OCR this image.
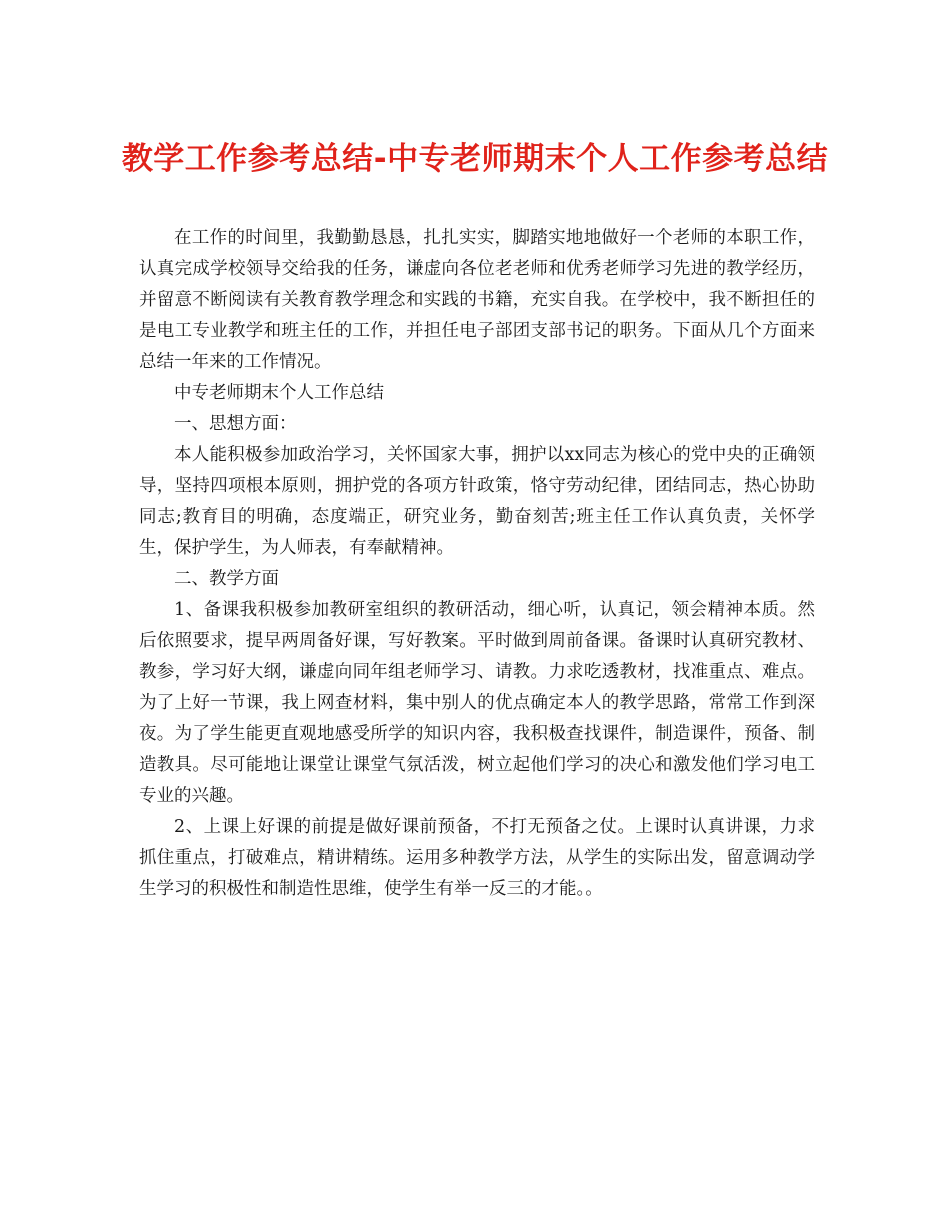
教学工作参考总结-中专老师期末个人工作参考总结

在工作的时间里，我勤勤恳恳，扎扎实实，脚踏实地地做好一个老师的本职工作，认真完成学校领导交给我的任务，谦虚向各位老老师和优秀老师学习先进的教学经历，并留意不断阅读有关教育教学理念和实践的书籍，充实自我。在学校中，我不断担任的是电工专业教学和班主任的工作，并担任电子部团支部书记的职务。下面从几个方面来总结一年来的工作情况。

中专老师期末个人工作总结

一、思想方面：

本人能积极参加政治学习，关怀国家大事，拥护以xx同志为核心的党中央的正确领导，坚持四项根本原则，拥护党的各项方针政策，恪守劳动纪律，团结同志，热心协助同志;教育目的明确，态度端正，研究业务，勤奋刻苦;班主任工作认真负责，关怀学生，保护学生，为人师表，有奉献精神。

二、教学方面

1、备课我积极参加教研室组织的教研活动，细心听，认真记，领会精神本质。然后依照要求，提早两周备好课，写好教案。平时做到周前备课。备课时认真研究教材、教参，学习好大纲，谦虚向同年组老师学习、请教。力求吃透教材，找准重点、难点。为了上好一节课，我上网查材料，集中别人的优点确定本人的教学思路，常常工作到深夜。为了学生能更直观地感受所学的知识内容，我积极查找课件，制造课件，预备、制造教具。尽可能地让课堂让课堂气氛活泼，树立起他们学习的决心和激发他们学习电工专业的兴趣。

2、上课上好课的前提是做好课前预备，不打无预备之仗。上课时认真讲课，力求抓住重点，打破难点，精讲精练。运用多种教学方法，从学生的实际出发，留意调动学生学习的积极性和制造性思维，使学生有举一反三的才能。。
